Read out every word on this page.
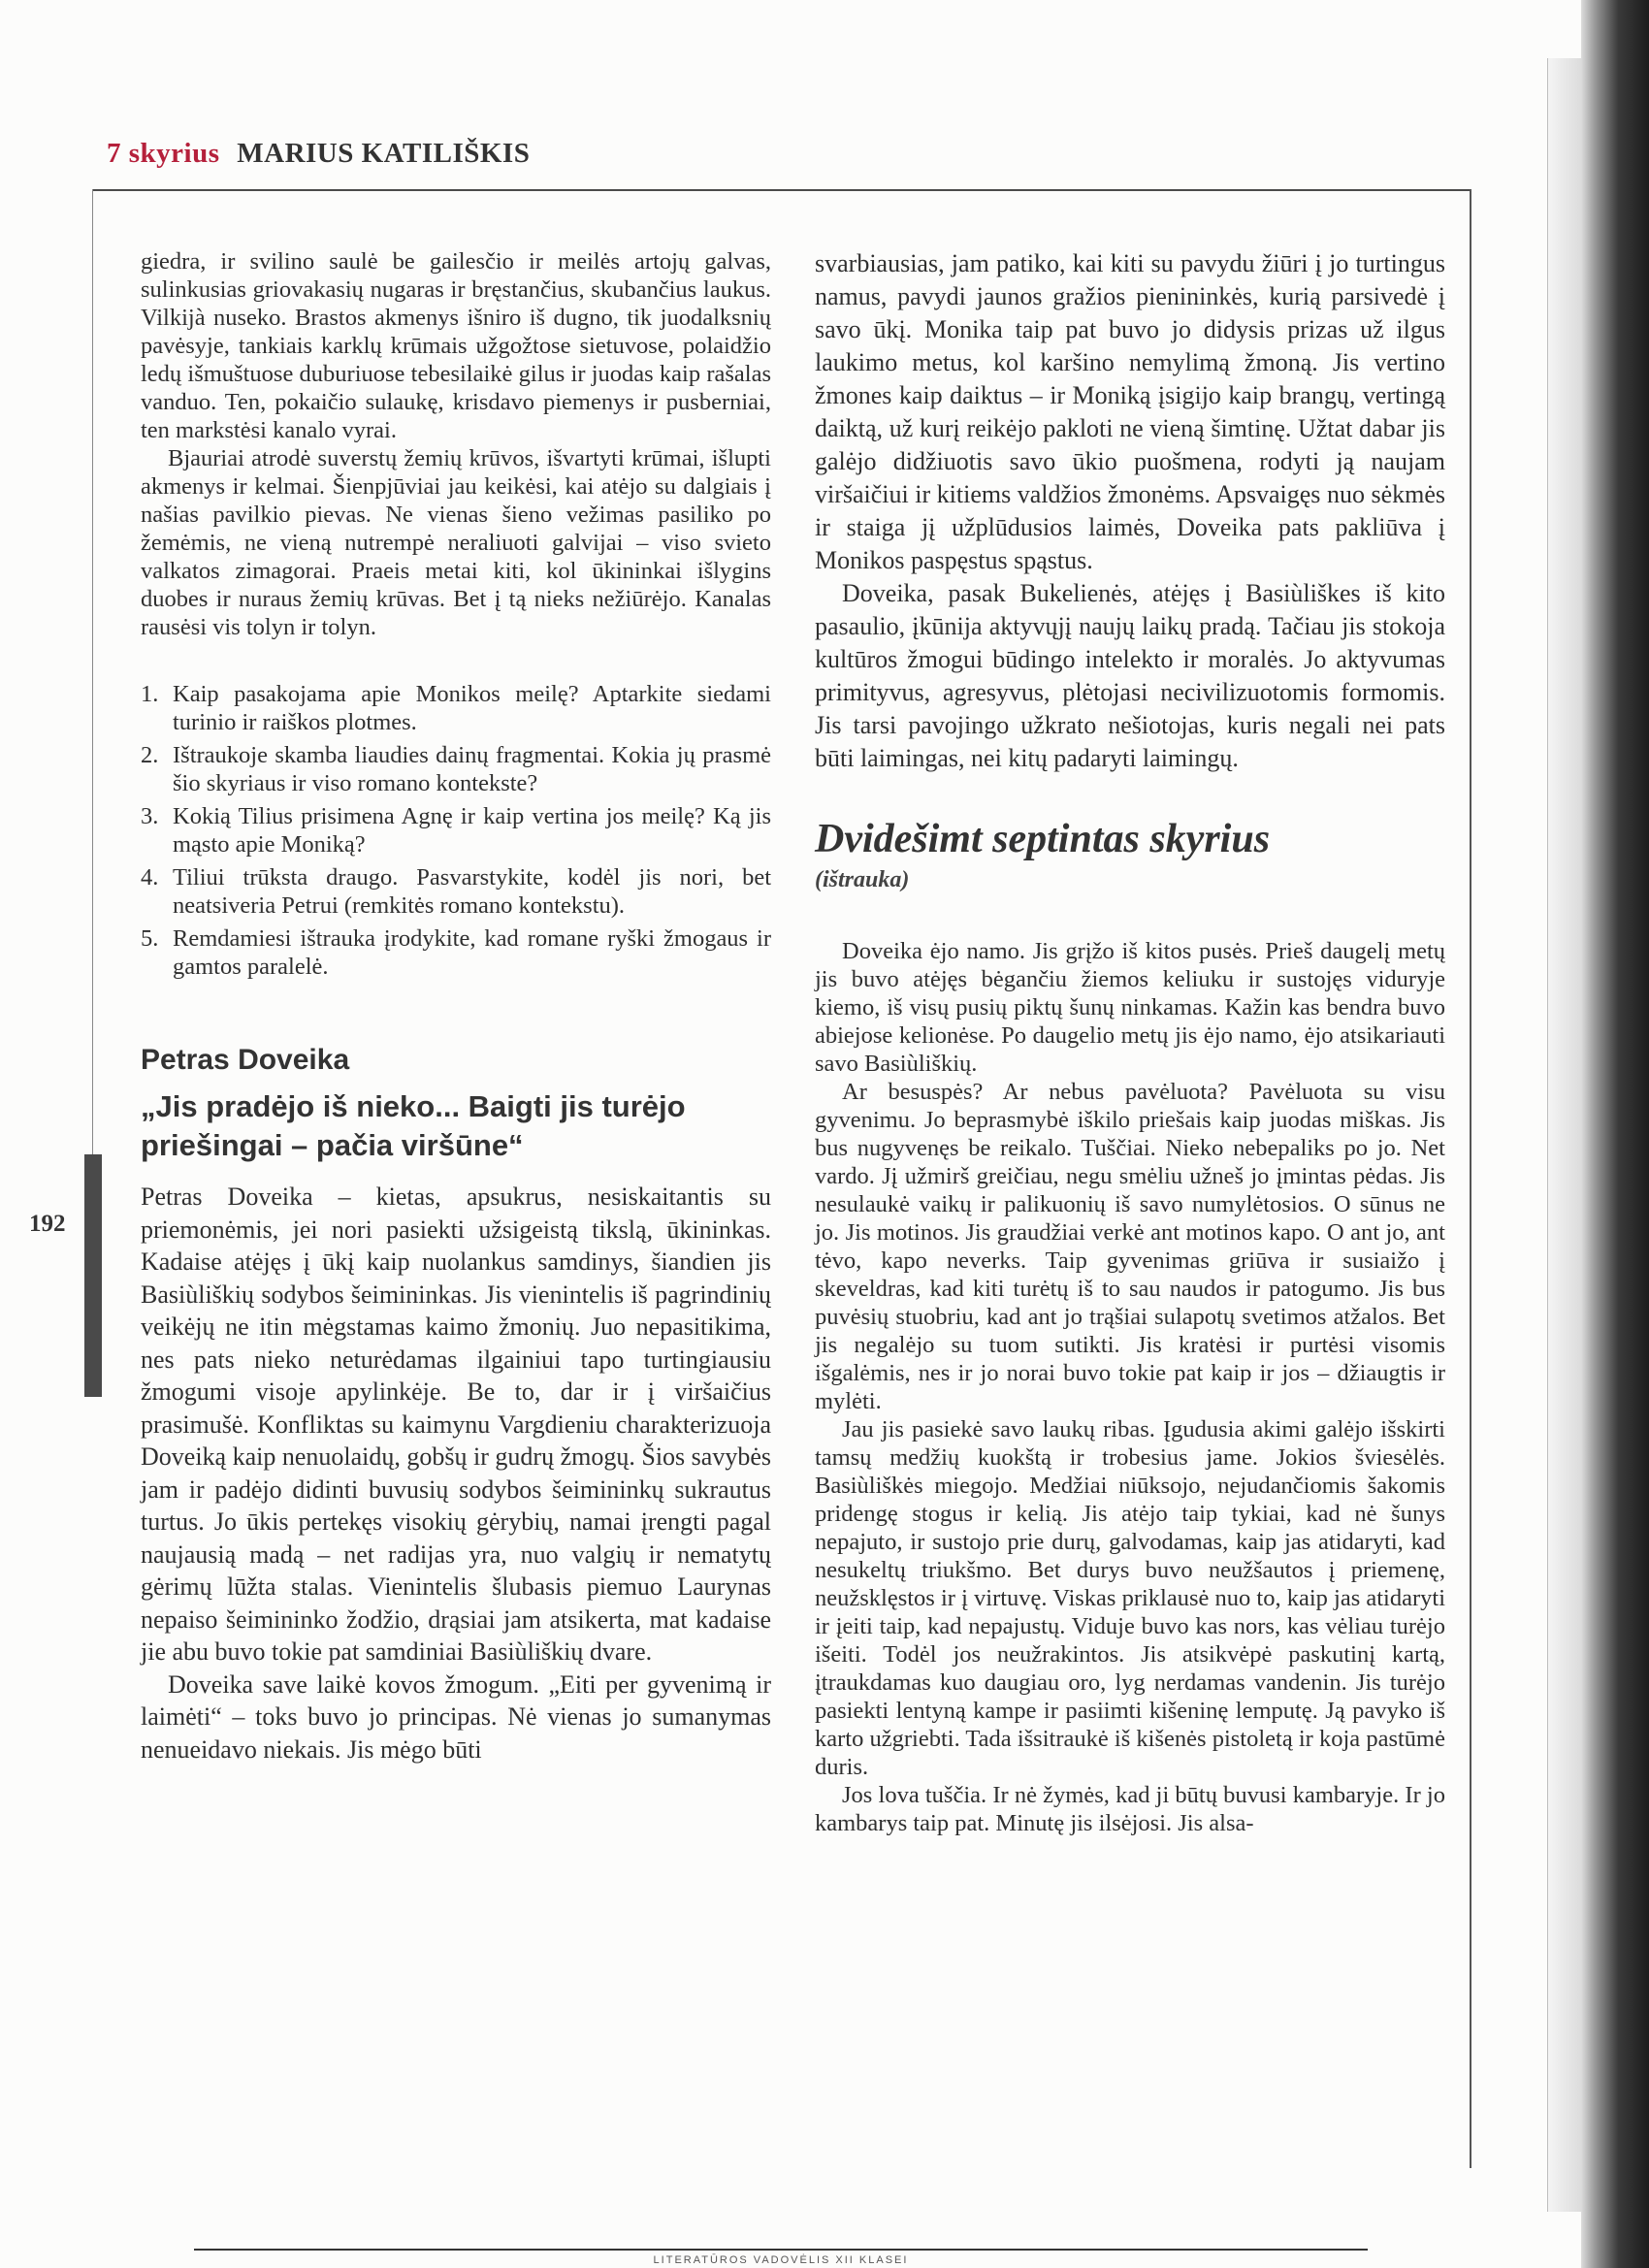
7 skyrius MARIUS KATILIŠKIS
192

giedra, ir svilino saulė be gailesčio ir meilės artojų galvas, sulinkusias griovakasių nugaras ir bręstančius, skubančius laukus. Vilkijà nuseko. Brastos akmenys išniro iš dugno, tik juodalksnių pavėsyje, tankiais karklų krūmais užgožtose sietuvose, polaidžio ledų išmuštuose duburiuose tebesilaikė gilus ir juodas kaip rašalas vanduo. Ten, pokaičio sulaukę, krisdavo piemenys ir pusberniai, ten markstėsi kanalo vyrai.

Bjauriai atrodė suverstų žemių krūvos, išvartyti krūmai, išlupti akmenys ir kelmai. Šienpjūviai jau keikėsi, kai atėjo su dalgiais į našias pavilkio pievas. Ne vienas šieno vežimas pasiliko po žemėmis, ne vieną nutrempė neraliuoti galvijai – viso svieto valkatos zimagorai. Praeis metai kiti, kol ūkininkai išlygins duobes ir nuraus žemių krūvas. Bet į tą nieks nežiūrėjo. Kanalas rausėsi vis tolyn ir tolyn.

1. Kaip pasakojama apie Monikos meilę? Aptarkite siedami turinio ir raiškos plotmes.
2. Ištraukoje skamba liaudies dainų fragmentai. Kokia jų prasmė šio skyriaus ir viso romano kontekste?
3. Kokią Tilius prisimena Agnę ir kaip vertina jos meilę? Ką jis mąsto apie Moniką?
4. Tiliui trūksta draugo. Pasvarstykite, kodėl jis nori, bet neatsiveria Petrui (remkitės romano kontekstu).
5. Remdamiesi ištrauka įrodykite, kad romane ryški žmogaus ir gamtos paralelė.
Petras Doveika
„Jis pradėjo iš nieko... Baigti jis turėjo priešingai – pačia viršūne“

Petras Doveika – kietas, apsukrus, nesiskaitantis su priemonėmis, jei nori pasiekti užsigeistą tikslą, ūkininkas. Kadaise atėjęs į ūkį kaip nuolankus samdinys, šiandien jis Basiùliškių sodybos šeimininkas. Jis vienintelis iš pagrindinių veikėjų ne itin mėgstamas kaimo žmonių. Juo nepasitikima, nes pats nieko neturėdamas ilgainiui tapo turtingiausiu žmogumi visoje apylinkėje. Be to, dar ir į viršaičius prasimušė. Konfliktas su kaimynu Vargdieniu charakterizuoja Doveiką kaip nenuolaidų, gobšų ir gudrų žmogų. Šios savybės jam ir padėjo didinti buvusių sodybos šeimininkų sukrautus turtus. Jo ūkis pertekęs visokių gėrybių, namai įrengti pagal naujausią madą – net radijas yra, nuo valgių ir nematytų gėrimų lūžta stalas. Vienintelis šlubasis piemuo Laurynas nepaiso šeimininko žodžio, drąsiai jam atsikerta, mat kadaise jie abu buvo tokie pat samdiniai Basiùliškių dvare.

Doveika save laikė kovos žmogum. „Eiti per gyvenimą ir laimėti“ – toks buvo jo principas. Nė vienas jo sumanymas nenueidavo niekais. Jis mėgo būti

svarbiausias, jam patiko, kai kiti su pavydu žiūri į jo turtingus namus, pavydi jaunos gražios pienininkės, kurią parsivedė į savo ūkį. Monika taip pat buvo jo didysis prizas už ilgus laukimo metus, kol karšino nemylimą žmoną. Jis vertino žmones kaip daiktus – ir Moniką įsigijo kaip brangų, vertingą daiktą, už kurį reikėjo pakloti ne vieną šimtinę. Užtat dabar jis galėjo didžiuotis savo ūkio puošmena, rodyti ją naujam viršaičiui ir kitiems valdžios žmonėms. Apsvaigęs nuo sėkmės ir staiga jį užplūdusios laimės, Doveika pats pakliūva į Monikos paspęstus spąstus.

Doveika, pasak Bukelienės, atėjęs į Basiùliškes iš kito pasaulio, įkūnija aktyvųjį naujų laikų pradą. Tačiau jis stokoja kultūros žmogui būdingo intelekto ir moralės. Jo aktyvumas primityvus, agresyvus, plėtojasi necivilizuotomis formomis. Jis tarsi pavojingo užkrato nešiotojas, kuris negali nei pats būti laimingas, nei kitų padaryti laimingų.

Dvidešimt septintas skyrius
(ištrauka)

Doveika ėjo namo. Jis grįžo iš kitos pusės. Prieš daugelį metų jis buvo atėjęs bėgančiu žiemos keliuku ir sustojęs viduryje kiemo, iš visų pusių piktų šunų ninkamas. Kažin kas bendra buvo abiejose kelionėse. Po daugelio metų jis ėjo namo, ėjo atsikariauti savo Basiùliškių.

Ar besuspės? Ar nebus pavėluota? Pavėluota su visu gyvenimu. Jo beprasmybė iškilo priešais kaip juodas miškas. Jis bus nugyvenęs be reikalo. Tuščiai. Nieko nebepaliks po jo. Net vardo. Jį užmirš greičiau, negu smėliu užneš jo įmintas pėdas. Jis nesulaukė vaikų ir palikuonių iš savo numylėtosios. O sūnus ne jo. Jis motinos. Jis graudžiai verkė ant motinos kapo. O ant jo, ant tėvo, kapo neverks. Taip gyvenimas griūva ir susiaižo į skeveldras, kad kiti turėtų iš to sau naudos ir patogumo. Jis bus puvėsių stuobriu, kad ant jo trąšiai sulapotų svetimos atžalos. Bet jis negalėjo su tuom sutikti. Jis kratėsi ir purtėsi visomis išgalėmis, nes ir jo norai buvo tokie pat kaip ir jos – džiaugtis ir mylėti.

Jau jis pasiekė savo laukų ribas. Įgudusia akimi galėjo išskirti tamsų medžių kuokštą ir trobesius jame. Jokios šviesėlės. Basiùliškės miegojo. Medžiai niūksojo, nejudančiomis šakomis pridengę stogus ir kelią. Jis atėjo taip tykiai, kad nė šunys nepajuto, ir sustojo prie durų, galvodamas, kaip jas atidaryti, kad nesukeltų triukšmo. Bet durys buvo neužšautos į priemenę, neužsklęstos ir į virtuvę. Viskas priklausė nuo to, kaip jas atidaryti ir įeiti taip, kad nepajustų. Viduje buvo kas nors, kas vėliau turėjo išeiti. Todėl jos neužrakintos. Jis atsikvėpė paskutinį kartą, įtraukdamas kuo daugiau oro, lyg nerdamas vandenin. Jis turėjo pasiekti lentyną kampe ir pasiimti kišeninę lemputę. Ją pavyko iš karto užgriebti. Tada išsitraukė iš kišenės pistoletą ir koja pastūmė duris.

Jos lova tuščia. Ir nė žymės, kad ji būtų buvusi kambaryje. Ir jo kambarys taip pat. Minutę jis ilsėjosi. Jis alsa-

LITERATŪROS VADOVĖLIS XII KLASEI
